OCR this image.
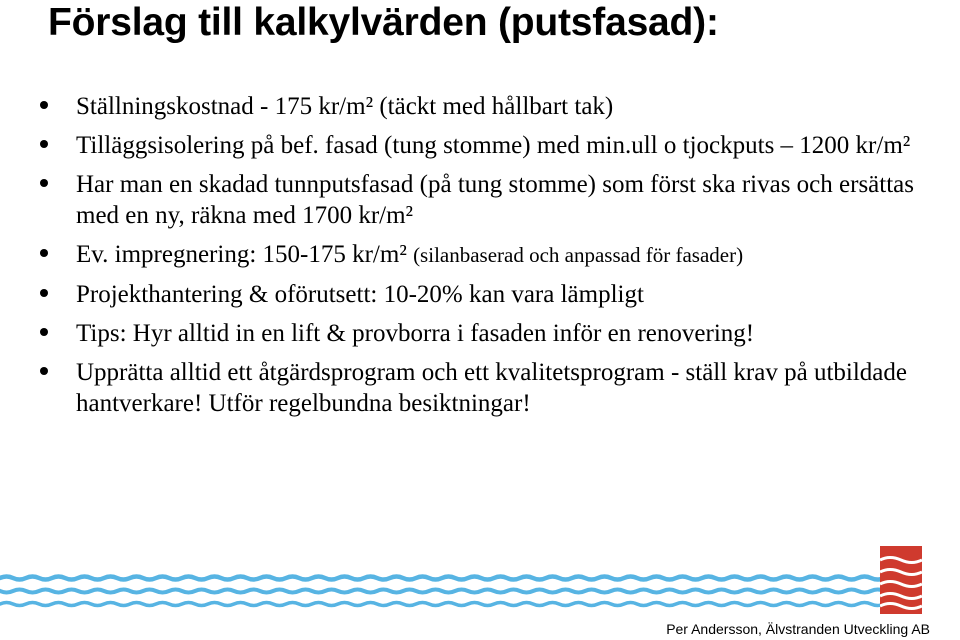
Förslag till kalkylvärden (putsfasad):
Ställningskostnad - 175 kr/m² (täckt med hållbart tak)
Tilläggsisolering på bef. fasad (tung stomme) med min.ull o tjockputs – 1200 kr/m²
Har man en skadad tunnputsfasad (på tung stomme) som först ska rivas och ersättas med en ny, räkna med 1700 kr/m²
Ev. impregnering: 150-175 kr/m² (silanbaserad och anpassad för fasader)
Projekthantering & oförutsett: 10-20% kan vara lämpligt
Tips: Hyr alltid in en lift & provborra i fasaden inför en renovering!
Upprätta alltid ett åtgärdsprogram och ett kvalitetsprogram - ställ krav på utbildade hantverkare! Utför regelbundna besiktningar!

Per Andersson, Älvstranden Utveckling AB
